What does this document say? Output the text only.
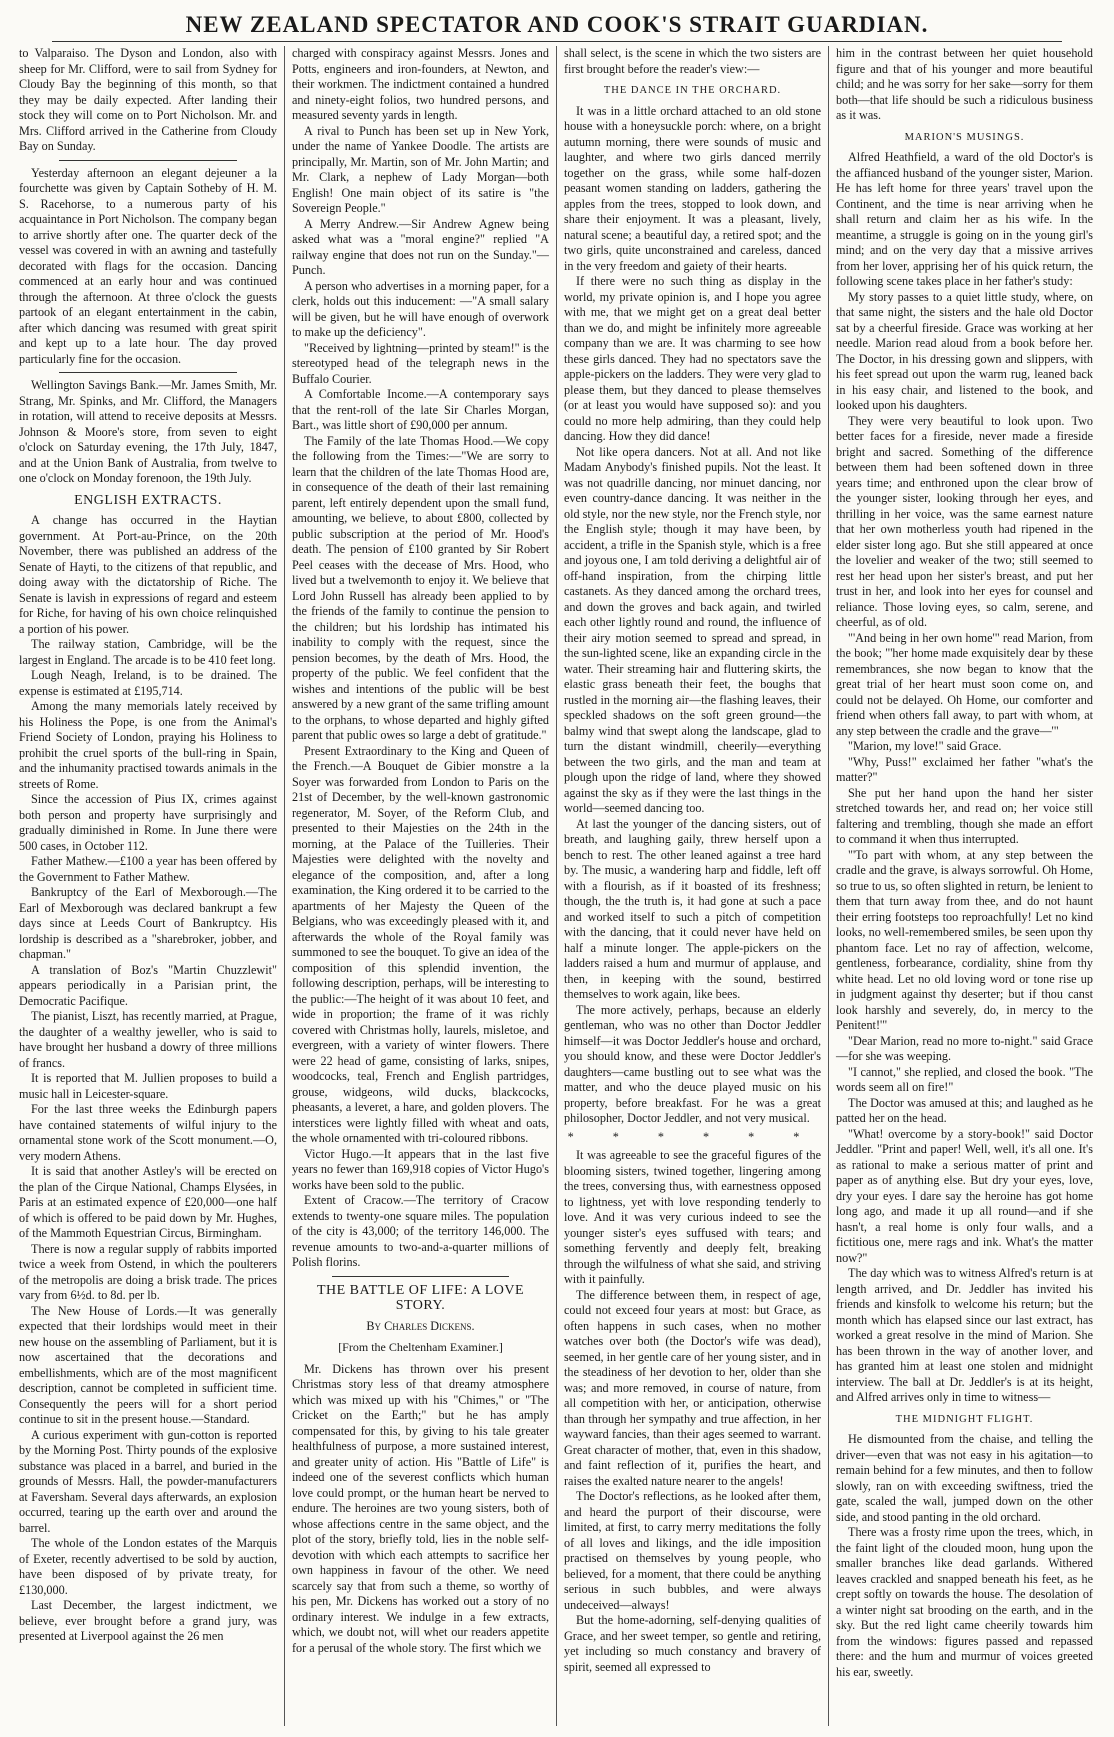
NEW ZEALAND SPECTATOR AND COOK'S STRAIT GUARDIAN.

to Valparaiso. The Dyson and London, also with sheep for Mr. Clifford, were to sail from Sydney for Cloudy Bay the beginning of this month, so that they may be daily expected. After landing their stock they will come on to Port Nicholson. Mr. and Mrs. Clifford arrived in the Catherine from Cloudy Bay on Sunday.

Yesterday afternoon an elegant dejeuner a la fourchette was given by Captain Sotheby of H. M. S. Racehorse, to a numerous party of his acquaintance in Port Nicholson. The company began to arrive shortly after one. The quarter deck of the vessel was covered in with an awning and tastefully decorated with flags for the occasion. Dancing commenced at an early hour and was continued through the afternoon. At three o'clock the guests partook of an elegant entertainment in the cabin, after which dancing was resumed with great spirit and kept up to a late hour. The day proved particularly fine for the occasion.

Wellington Savings Bank.—Mr. James Smith, Mr. Strang, Mr. Spinks, and Mr. Clifford, the Managers in rotation, will attend to receive deposits at Messrs. Johnson & Moore's store, from seven to eight o'clock on Saturday evening, the 17th July, 1847, and at the Union Bank of Australia, from twelve to one o'clock on Monday forenoon, the 19th July.

ENGLISH EXTRACTS.

A change has occurred in the Haytian government. At Port-au-Prince, on the 20th November, there was published an address of the Senate of Hayti, to the citizens of that republic, and doing away with the dictatorship of Riche. The Senate is lavish in expressions of regard and esteem for Riche, for having of his own choice relinquished a portion of his power.

The railway station, Cambridge, will be the largest in England. The arcade is to be 410 feet long.

Lough Neagh, Ireland, is to be drained. The expense is estimated at £195,714.

Among the many memorials lately received by his Holiness the Pope, is one from the Animal's Friend Society of London, praying his Holiness to prohibit the cruel sports of the bull-ring in Spain, and the inhumanity practised towards animals in the streets of Rome.

Since the accession of Pius IX, crimes against both person and property have surprisingly and gradually diminished in Rome. In June there were 500 cases, in October 112.

Father Mathew.—£100 a year has been offered by the Government to Father Mathew.

Bankruptcy of the Earl of Mexborough.—The Earl of Mexborough was declared bankrupt a few days since at Leeds Court of Bankruptcy. His lordship is described as a "sharebroker, jobber, and chapman."

A translation of Boz's "Martin Chuzzlewit" appears periodically in a Parisian print, the Democratic Pacifique.

The pianist, Liszt, has recently married, at Prague, the daughter of a wealthy jeweller, who is said to have brought her husband a dowry of three millions of francs.

It is reported that M. Jullien proposes to build a music hall in Leicester-square.

For the last three weeks the Edinburgh papers have contained statements of wilful injury to the ornamental stone work of the Scott monument.—O, very modern Athens.

It is said that another Astley's will be erected on the plan of the Cirque National, Champs Elysées, in Paris at an estimated expence of £20,000—one half of which is offered to be paid down by Mr. Hughes, of the Mammoth Equestrian Circus, Birmingham.

There is now a regular supply of rabbits imported twice a week from Ostend, in which the poulterers of the metropolis are doing a brisk trade. The prices vary from 6½d. to 8d. per lb.

The New House of Lords.—It was generally expected that their lordships would meet in their new house on the assembling of Parliament, but it is now ascertained that the decorations and embellishments, which are of the most magnificent description, cannot be completed in sufficient time. Consequently the peers will for a short period continue to sit in the present house.—Standard.

A curious experiment with gun-cotton is reported by the Morning Post. Thirty pounds of the explosive substance was placed in a barrel, and buried in the grounds of Messrs. Hall, the powder-manufacturers at Faversham. Several days afterwards, an explosion occurred, tearing up the earth over and around the barrel.

The whole of the London estates of the Marquis of Exeter, recently advertised to be sold by auction, have been disposed of by private treaty, for £130,000.

Last December, the largest indictment, we believe, ever brought before a grand jury, was presented at Liverpool against the 26 men

charged with conspiracy against Messrs. Jones and Potts, engineers and iron-founders, at Newton, and their workmen. The indictment contained a hundred and ninety-eight folios, two hundred persons, and measured seventy yards in length.

A rival to Punch has been set up in New York, under the name of Yankee Doodle. The artists are principally, Mr. Martin, son of Mr. John Martin; and Mr. Clark, a nephew of Lady Morgan—both English! One main object of its satire is "the Sovereign People."

A Merry Andrew.—Sir Andrew Agnew being asked what was a "moral engine?" replied "A railway engine that does not run on the Sunday."—Punch.

A person who advertises in a morning paper, for a clerk, holds out this inducement: —"A small salary will be given, but he will have enough of overwork to make up the deficiency".

"Received by lightning—printed by steam!" is the stereotyped head of the telegraph news in the Buffalo Courier.

A Comfortable Income.—A contemporary says that the rent-roll of the late Sir Charles Morgan, Bart., was little short of £90,000 per annum.

The Family of the late Thomas Hood.—We copy the following from the Times:—"We are sorry to learn that the children of the late Thomas Hood are, in consequence of the death of their last remaining parent, left entirely dependent upon the small fund, amounting, we believe, to about £800, collected by public subscription at the period of Mr. Hood's death. The pension of £100 granted by Sir Robert Peel ceases with the decease of Mrs. Hood, who lived but a twelvemonth to enjoy it. We believe that Lord John Russell has already been applied to by the friends of the family to continue the pension to the children; but his lordship has intimated his inability to comply with the request, since the pension becomes, by the death of Mrs. Hood, the property of the public. We feel confident that the wishes and intentions of the public will be best answered by a new grant of the same trifling amount to the orphans, to whose departed and highly gifted parent that public owes so large a debt of gratitude."

Present Extraordinary to the King and Queen of the French.—A Bouquet de Gibier monstre a la Soyer was forwarded from London to Paris on the 21st of December, by the well-known gastronomic regenerator, M. Soyer, of the Reform Club, and presented to their Majesties on the 24th in the morning, at the Palace of the Tuilleries. Their Majesties were delighted with the novelty and elegance of the composition, and, after a long examination, the King ordered it to be carried to the apartments of her Majesty the Queen of the Belgians, who was exceedingly pleased with it, and afterwards the whole of the Royal family was summoned to see the bouquet. To give an idea of the composition of this splendid invention, the following description, perhaps, will be interesting to the public:—The height of it was about 10 feet, and wide in proportion; the frame of it was richly covered with Christmas holly, laurels, misletoe, and evergreen, with a variety of winter flowers. There were 22 head of game, consisting of larks, snipes, woodcocks, teal, French and English partridges, grouse, widgeons, wild ducks, blackcocks, pheasants, a leveret, a hare, and golden plovers. The interstices were lightly filled with wheat and oats, the whole ornamented with tri-coloured ribbons.

Victor Hugo.—It appears that in the last five years no fewer than 169,918 copies of Victor Hugo's works have been sold to the public.

Extent of Cracow.—The territory of Cracow extends to twenty-one square miles. The population of the city is 43,000; of the territory 146,000. The revenue amounts to two-and-a-quarter millions of Polish florins.

THE BATTLE OF LIFE: A LOVE STORY.
By Charles Dickens.
[From the Cheltenham Examiner.]

Mr. Dickens has thrown over his present Christmas story less of that dreamy atmosphere which was mixed up with his "Chimes," or "The Cricket on the Earth;" but he has amply compensated for this, by giving to his tale greater healthfulness of purpose, a more sustained interest, and greater unity of action. His "Battle of Life" is indeed one of the severest conflicts which human love could prompt, or the human heart be nerved to endure. The heroines are two young sisters, both of whose affections centre in the same object, and the plot of the story, briefly told, lies in the noble self-devotion with which each attempts to sacrifice her own happiness in favour of the other. We need scarcely say that from such a theme, so worthy of his pen, Mr. Dickens has worked out a story of no ordinary interest. We indulge in a few extracts, which, we doubt not, will whet our readers appetite for a perusal of the whole story. The first which we

shall select, is the scene in which the two sisters are first brought before the reader's view:—

THE DANCE IN THE ORCHARD.

It was in a little orchard attached to an old stone house with a honeysuckle porch: where, on a bright autumn morning, there were sounds of music and laughter, and where two girls danced merrily together on the grass, while some half-dozen peasant women standing on ladders, gathering the apples from the trees, stopped to look down, and share their enjoyment. It was a pleasant, lively, natural scene; a beautiful day, a retired spot; and the two girls, quite unconstrained and careless, danced in the very freedom and gaiety of their hearts.

If there were no such thing as display in the world, my private opinion is, and I hope you agree with me, that we might get on a great deal better than we do, and might be infinitely more agreeable company than we are. It was charming to see how these girls danced. They had no spectators save the apple-pickers on the ladders. They were very glad to please them, but they danced to please themselves (or at least you would have supposed so): and you could no more help admiring, than they could help dancing. How they did dance!

Not like opera dancers. Not at all. And not like Madam Anybody's finished pupils. Not the least. It was not quadrille dancing, nor minuet dancing, nor even country-dance dancing. It was neither in the old style, nor the new style, nor the French style, nor the English style; though it may have been, by accident, a trifle in the Spanish style, which is a free and joyous one, I am told deriving a delightful air of off-hand inspiration, from the chirping little castanets. As they danced among the orchard trees, and down the groves and back again, and twirled each other lightly round and round, the influence of their airy motion seemed to spread and spread, in the sun-lighted scene, like an expanding circle in the water. Their streaming hair and fluttering skirts, the elastic grass beneath their feet, the boughs that rustled in the morning air—the flashing leaves, their speckled shadows on the soft green ground—the balmy wind that swept along the landscape, glad to turn the distant windmill, cheerily—everything between the two girls, and the man and team at plough upon the ridge of land, where they showed against the sky as if they were the last things in the world—seemed dancing too.

At last the younger of the dancing sisters, out of breath, and laughing gaily, threw herself upon a bench to rest. The other leaned against a tree hard by. The music, a wandering harp and fiddle, left off with a flourish, as if it boasted of its freshness; though, the the truth is, it had gone at such a pace and worked itself to such a pitch of competition with the dancing, that it could never have held on half a minute longer. The apple-pickers on the ladders raised a hum and murmur of applause, and then, in keeping with the sound, bestirred themselves to work again, like bees.

The more actively, perhaps, because an elderly gentleman, who was no other than Doctor Jeddler himself—it was Doctor Jeddler's house and orchard, you should know, and these were Doctor Jeddler's daughters—came bustling out to see what was the matter, and who the deuce played music on his property, before breakfast. For he was a great philosopher, Doctor Jeddler, and not very musical.

* * * * * *

It was agreeable to see the graceful figures of the blooming sisters, twined together, lingering among the trees, conversing thus, with earnestness opposed to lightness, yet with love responding tenderly to love. And it was very curious indeed to see the younger sister's eyes suffused with tears; and something fervently and deeply felt, breaking through the wilfulness of what she said, and striving with it painfully.

The difference between them, in respect of age, could not exceed four years at most: but Grace, as often happens in such cases, when no mother watches over both (the Doctor's wife was dead), seemed, in her gentle care of her young sister, and in the steadiness of her devotion to her, older than she was; and more removed, in course of nature, from all competition with her, or anticipation, otherwise than through her sympathy and true affection, in her wayward fancies, than their ages seemed to warrant. Great character of mother, that, even in this shadow, and faint reflection of it, purifies the heart, and raises the exalted nature nearer to the angels!

The Doctor's reflections, as he looked after them, and heard the purport of their discourse, were limited, at first, to carry merry meditations the folly of all loves and likings, and the idle imposition practised on themselves by young people, who believed, for a moment, that there could be anything serious in such bubbles, and were always undeceived—always!

But the home-adorning, self-denying qualities of Grace, and her sweet temper, so gentle and retiring, yet including so much constancy and bravery of spirit, seemed all expressed to

him in the contrast between her quiet household figure and that of his younger and more beautiful child; and he was sorry for her sake—sorry for them both—that life should be such a ridiculous business as it was.

MARION'S MUSINGS.

Alfred Heathfield, a ward of the old Doctor's is the affianced husband of the younger sister, Marion. He has left home for three years' travel upon the Continent, and the time is near arriving when he shall return and claim her as his wife. In the meantime, a struggle is going on in the young girl's mind; and on the very day that a missive arrives from her lover, apprising her of his quick return, the following scene takes place in her father's study:

My story passes to a quiet little study, where, on that same night, the sisters and the hale old Doctor sat by a cheerful fireside. Grace was working at her needle. Marion read aloud from a book before her. The Doctor, in his dressing gown and slippers, with his feet spread out upon the warm rug, leaned back in his easy chair, and listened to the book, and looked upon his daughters.

They were very beautiful to look upon. Two better faces for a fireside, never made a fireside bright and sacred. Something of the difference between them had been softened down in three years time; and enthroned upon the clear brow of the younger sister, looking through her eyes, and thrilling in her voice, was the same earnest nature that her own motherless youth had ripened in the elder sister long ago. But she still appeared at once the lovelier and weaker of the two; still seemed to rest her head upon her sister's breast, and put her trust in her, and look into her eyes for counsel and reliance. Those loving eyes, so calm, serene, and cheerful, as of old.

"'And being in her own home'" read Marion, from the book; "'her home made exquisitely dear by these remembrances, she now began to know that the great trial of her heart must soon come on, and could not be delayed. Oh Home, our comforter and friend when others fall away, to part with whom, at any step between the cradle and the grave—'"

"Marion, my love!" said Grace.

"Why, Puss!" exclaimed her father "what's the matter?"

She put her hand upon the hand her sister stretched towards her, and read on; her voice still faltering and trembling, though she made an effort to command it when thus interrupted.

"'To part with whom, at any step between the cradle and the grave, is always sorrowful. Oh Home, so true to us, so often slighted in return, be lenient to them that turn away from thee, and do not haunt their erring footsteps too reproachfully! Let no kind looks, no well-remembered smiles, be seen upon thy phantom face. Let no ray of affection, welcome, gentleness, forbearance, cordiality, shine from thy white head. Let no old loving word or tone rise up in judgment against thy deserter; but if thou canst look harshly and severely, do, in mercy to the Penitent!'"

"Dear Marion, read no more to-night." said Grace—for she was weeping.

"I cannot," she replied, and closed the book. "The words seem all on fire!"

The Doctor was amused at this; and laughed as he patted her on the head.

"What! overcome by a story-book!" said Doctor Jeddler. "Print and paper! Well, well, it's all one. It's as rational to make a serious matter of print and paper as of anything else. But dry your eyes, love, dry your eyes. I dare say the heroine has got home long ago, and made it up all round—and if she hasn't, a real home is only four walls, and a fictitious one, mere rags and ink. What's the matter now?"

The day which was to witness Alfred's return is at length arrived, and Dr. Jeddler has invited his friends and kinsfolk to welcome his return; but the month which has elapsed since our last extract, has worked a great resolve in the mind of Marion. She has been thrown in the way of another lover, and has granted him at least one stolen and midnight interview. The ball at Dr. Jeddler's is at its height, and Alfred arrives only in time to witness—

THE MIDNIGHT FLIGHT.

He dismounted from the chaise, and telling the driver—even that was not easy in his agitation—to remain behind for a few minutes, and then to follow slowly, ran on with exceeding swiftness, tried the gate, scaled the wall, jumped down on the other side, and stood panting in the old orchard.

There was a frosty rime upon the trees, which, in the faint light of the clouded moon, hung upon the smaller branches like dead garlands. Withered leaves crackled and snapped beneath his feet, as he crept softly on towards the house. The desolation of a winter night sat brooding on the earth, and in the sky. But the red light came cheerily towards him from the windows: figures passed and repassed there: and the hum and murmur of voices greeted his ear, sweetly.
